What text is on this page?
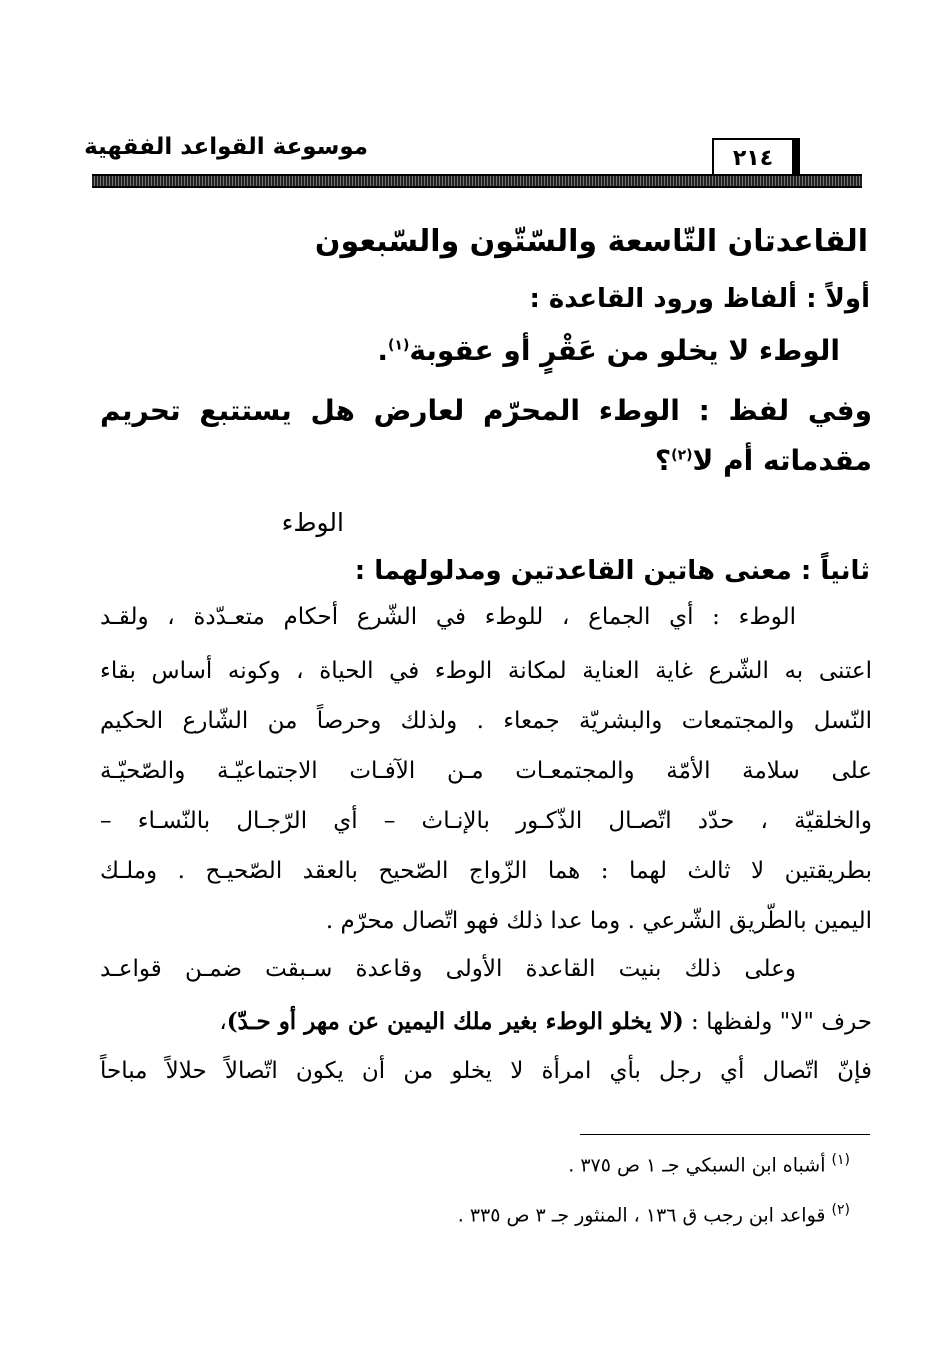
موسوعة القواعد الفقهية	٢١٤
القاعدتان التّاسعة والسّتّون والسّبعون
أولاً : ألفاظ ورود القاعدة :
الوطء لا يخلو من عَقْرٍ أو عقوبة$^{(١)}$.
وفي لفظ : الوطء المحرّم لعارض هل يستتبع تحريم
مقدماته أم لا$^{(٢)}$؟
الوطء
ثانياً : معنى هاتين القاعدتين ومدلولهما :
الوطء : أي الجماع ، للوطء في الشّرع أحكام متعـدّدة ، ولقـد
اعتنى به الشّرع غاية العناية لمكانة الوطء في الحياة ، وكونه أساس بقاء
النّسل والمجتمعات والبشريّة جمعاء . ولذلك وحرصاً من الشّارع الحكيم
على سلامة الأمّة والمجتمعـات مـن الآفـات الاجتماعيّـة والصّحيّـة
والخلقيّة ، حدّد اتّصـال الذّكـور بالإنـاث – أي الرّجـال بالنّسـاء –
بطريقتين لا ثالث لهما : هما الزّواج الصّحيح بالعقد الصّحيـح . وملـك
اليمين بالطّريق الشّرعي . وما عدا ذلك فهو اتّصال محرّم .
وعلى ذلك بنيت القاعدة الأولى وقاعدة سـبقت ضمـن قواعـد
حرف "لا" ولفظها : (لا يخلو الوطء بغير ملك اليمين عن مهر أو حـدّ)،
فإنّ اتّصال أي رجل بأي امرأة لا يخلو من أن يكون اتّصالاً حلالاً مباحاً
$^{(١)}$ أشباه ابن السبكي جـ ١ ص ٣٧٥ .
$^{(٢)}$ قواعد ابن رجب ق ١٣٦ ، المنثور جـ ٣ ص ٣٣٥ .
